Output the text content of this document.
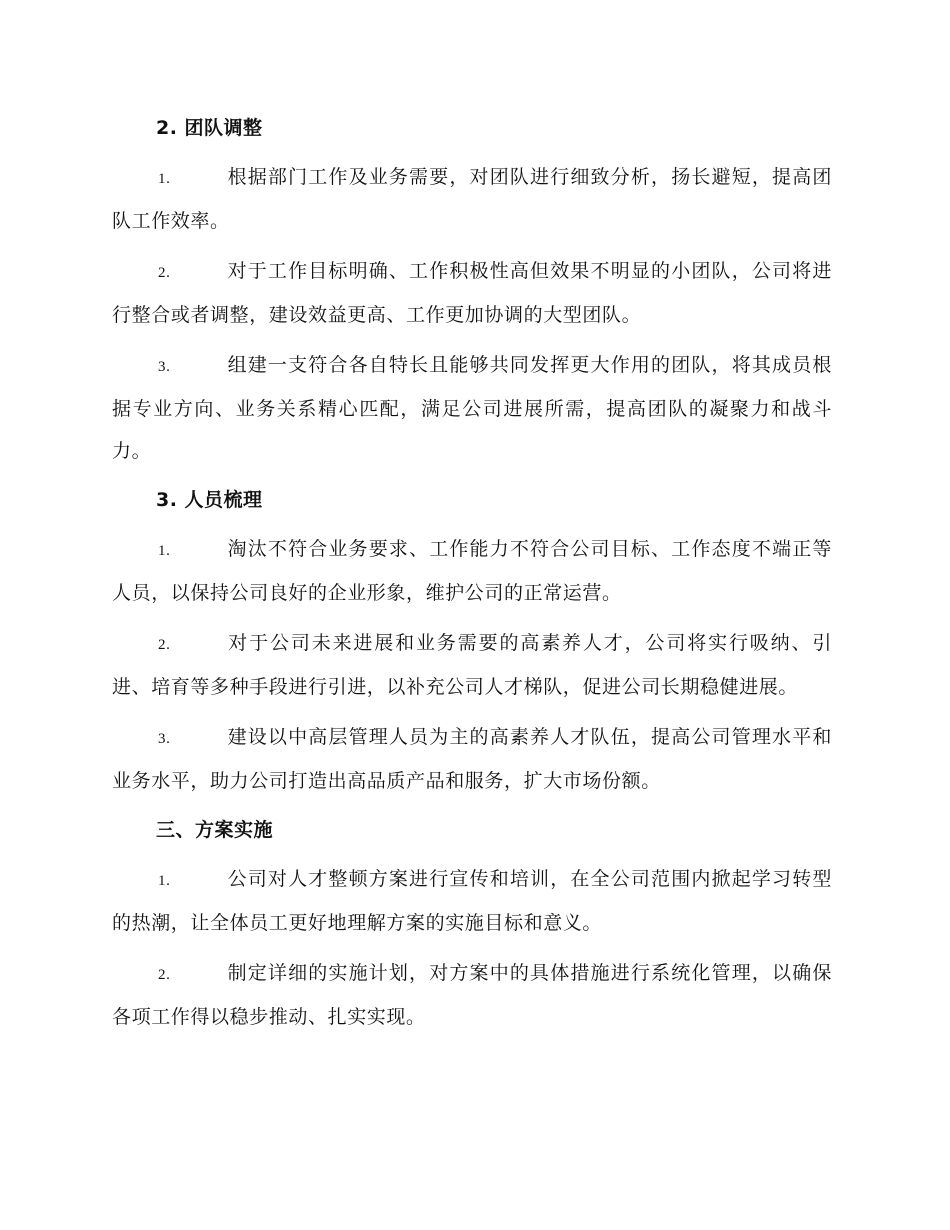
2. 团队调整

1.	根据部门工作及业务需要，对团队进行细致分析，扬长避短，提高团队工作效率。

2.	对于工作目标明确、工作积极性高但效果不明显的小团队，公司将进行整合或者调整，建设效益更高、工作更加协调的大型团队。

3.	组建一支符合各自特长且能够共同发挥更大作用的团队，将其成员根据专业方向、业务关系精心匹配，满足公司进展所需，提高团队的凝聚力和战斗力。

3. 人员梳理

1.	淘汰不符合业务要求、工作能力不符合公司目标、工作态度不端正等人员，以保持公司良好的企业形象，维护公司的正常运营。

2.	对于公司未来进展和业务需要的高素养人才，公司将实行吸纳、引进、培育等多种手段进行引进，以补充公司人才梯队，促进公司长期稳健进展。

3.	建设以中高层管理人员为主的高素养人才队伍，提高公司管理水平和业务水平，助力公司打造出高品质产品和服务，扩大市场份额。

三、方案实施

1.	公司对人才整顿方案进行宣传和培训，在全公司范围内掀起学习转型的热潮，让全体员工更好地理解方案的实施目标和意义。

2.	制定详细的实施计划，对方案中的具体措施进行系统化管理，以确保各项工作得以稳步推动、扎实实现。
